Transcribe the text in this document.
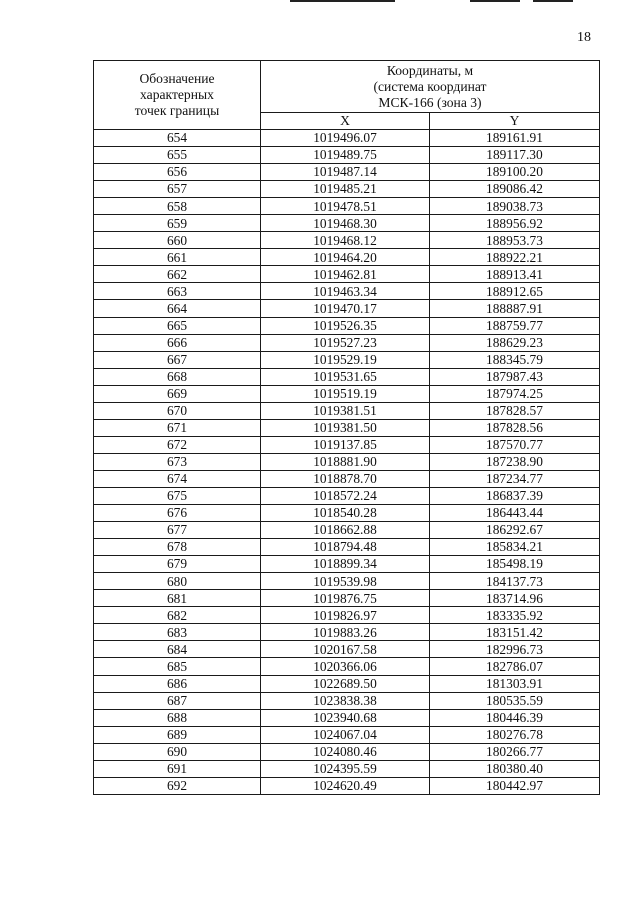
18
Обозначение
характерных
точек границы	Координаты, м
(система координат
МСК-166 (зона 3)	

	X	Y
654	1019496.07	189161.91
655	1019489.75	189117.30
656	1019487.14	189100.20
657	1019485.21	189086.42
658	1019478.51	189038.73
659	1019468.30	188956.92
660	1019468.12	188953.73
661	1019464.20	188922.21
662	1019462.81	188913.41
663	1019463.34	188912.65
664	1019470.17	188887.91
665	1019526.35	188759.77
666	1019527.23	188629.23
667	1019529.19	188345.79
668	1019531.65	187987.43
669	1019519.19	187974.25
670	1019381.51	187828.57
671	1019381.50	187828.56
672	1019137.85	187570.77
673	1018881.90	187238.90
674	1018878.70	187234.77
675	1018572.24	186837.39
676	1018540.28	186443.44
677	1018662.88	186292.67
678	1018794.48	185834.21
679	1018899.34	185498.19
680	1019539.98	184137.73
681	1019876.75	183714.96
682	1019826.97	183335.92
683	1019883.26	183151.42
684	1020167.58	182996.73
685	1020366.06	182786.07
686	1022689.50	181303.91
687	1023838.38	180535.59
688	1023940.68	180446.39
689	1024067.04	180276.78
690	1024080.46	180266.77
691	1024395.59	180380.40
692	1024620.49	180442.97
